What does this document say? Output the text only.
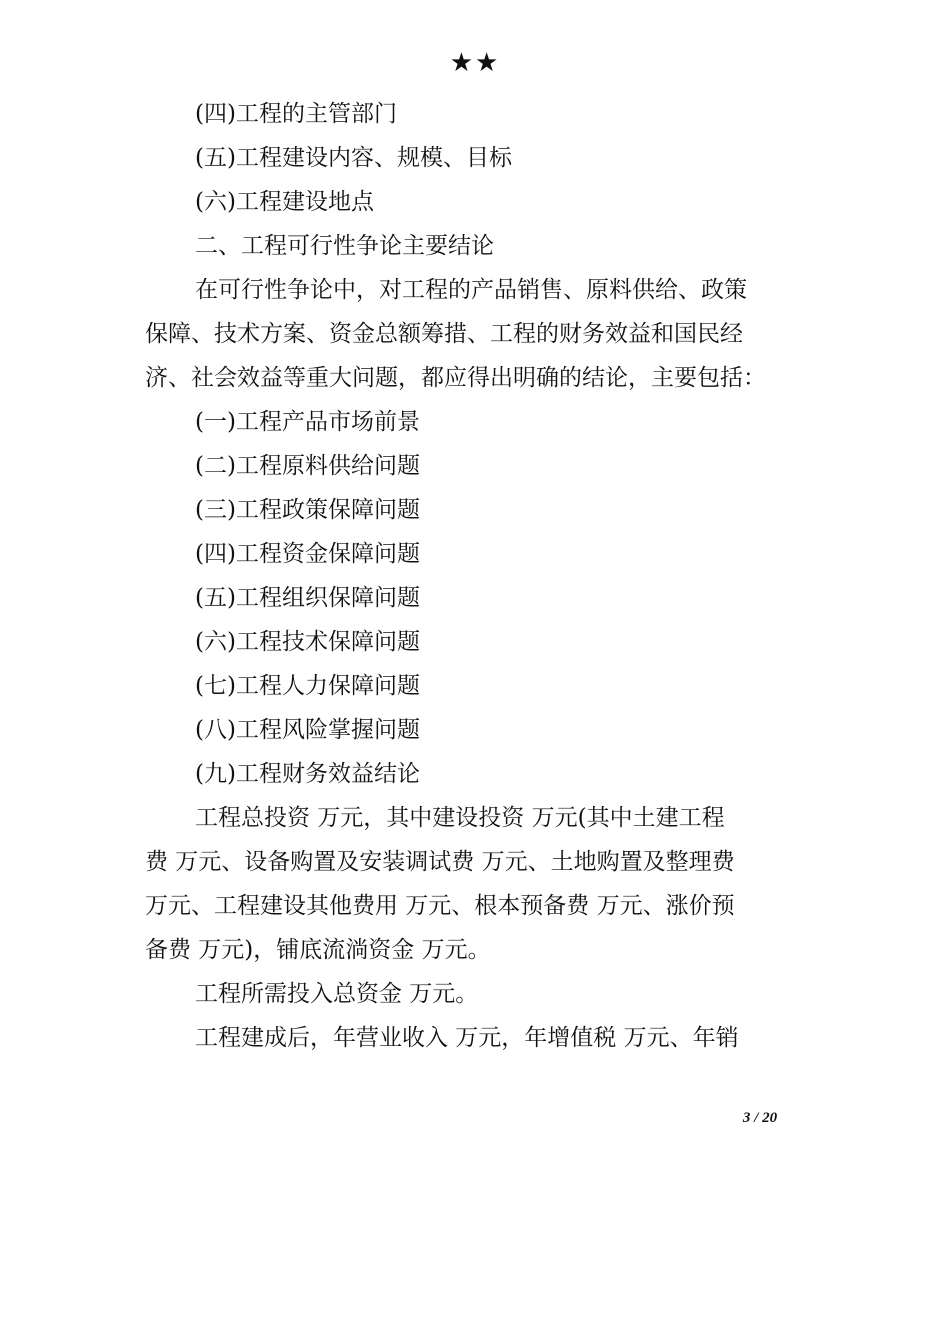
★★
(四)工程的主管部门
(五)工程建设内容、规模、目标
(六)工程建设地点
二、工程可行性争论主要结论
在可行性争论中，对工程的产品销售、原料供给、政策
保障、技术方案、资金总额筹措、工程的财务效益和国民经
济、社会效益等重大问题，都应得出明确的结论，主要包括：
(一)工程产品市场前景
(二)工程原料供给问题
(三)工程政策保障问题
(四)工程资金保障问题
(五)工程组织保障问题
(六)工程技术保障问题
(七)工程人力保障问题
(八)工程风险掌握问题
(九)工程财务效益结论
工程总投资 万元，其中建设投资 万元(其中土建工程
费 万元、设备购置及安装调试费 万元、土地购置及整理费
万元、工程建设其他费用 万元、根本预备费 万元、涨价预
备费 万元)，铺底流淌资金 万元。
工程所需投入总资金 万元。
工程建成后，年营业收入 万元，年增值税 万元、年销
3 / 20
